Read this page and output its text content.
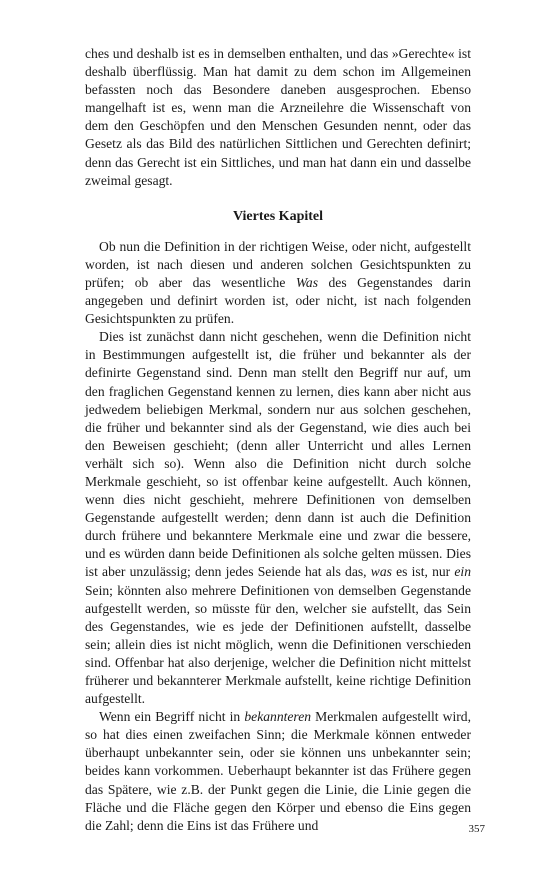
ches und deshalb ist es in demselben enthalten, und das »Gerechte« ist deshalb überflüssig. Man hat damit zu dem schon im Allgemeinen befassten noch das Besondere daneben ausgesprochen. Ebenso mangelhaft ist es, wenn man die Arzneilehre die Wissenschaft von dem den Geschöpfen und den Menschen Gesunden nennt, oder das Gesetz als das Bild des natürlichen Sittlichen und Gerechten definirt; denn das Gerecht ist ein Sittliches, und man hat dann ein und dasselbe zweimal gesagt.

Viertes Kapitel

Ob nun die Definition in der richtigen Weise, oder nicht, aufgestellt worden, ist nach diesen und anderen solchen Gesichtspunkten zu prüfen; ob aber das wesentliche Was des Gegenstandes darin angegeben und definirt worden ist, oder nicht, ist nach folgenden Gesichtspunkten zu prüfen.

Dies ist zunächst dann nicht geschehen, wenn die Definition nicht in Bestimmungen aufgestellt ist, die früher und bekannter als der definirte Gegenstand sind. Denn man stellt den Begriff nur auf, um den fraglichen Gegenstand kennen zu lernen, dies kann aber nicht aus jedwedem beliebigen Merkmal, sondern nur aus solchen geschehen, die früher und bekannter sind als der Gegenstand, wie dies auch bei den Beweisen geschieht; (denn aller Unterricht und alles Lernen verhält sich so). Wenn also die Definition nicht durch solche Merkmale geschieht, so ist offenbar keine aufgestellt. Auch können, wenn dies nicht geschieht, mehrere Definitionen von demselben Gegenstande aufgestellt werden; denn dann ist auch die Definition durch frühere und bekanntere Merkmale eine und zwar die bessere, und es würden dann beide Definitionen als solche gelten müssen. Dies ist aber unzulässig; denn jedes Seiende hat als das, was es ist, nur ein Sein; könnten also mehrere Definitionen von demselben Gegenstande aufgestellt werden, so müsste für den, welcher sie aufstellt, das Sein des Gegenstandes, wie es jede der Definitionen aufstellt, dasselbe sein; allein dies ist nicht möglich, wenn die Definitionen verschieden sind. Offenbar hat also derjenige, welcher die Definition nicht mittelst früherer und bekannterer Merkmale aufstellt, keine richtige Definition aufgestellt.

Wenn ein Begriff nicht in bekannteren Merkmalen aufgestellt wird, so hat dies einen zweifachen Sinn; die Merkmale können entweder überhaupt unbekannter sein, oder sie können uns unbekannter sein; beides kann vorkommen. Ueberhaupt bekannter ist das Frühere gegen das Spätere, wie z.B. der Punkt gegen die Linie, die Linie gegen die Fläche und die Fläche gegen den Körper und ebenso die Eins gegen die Zahl; denn die Eins ist das Frühere und	357
